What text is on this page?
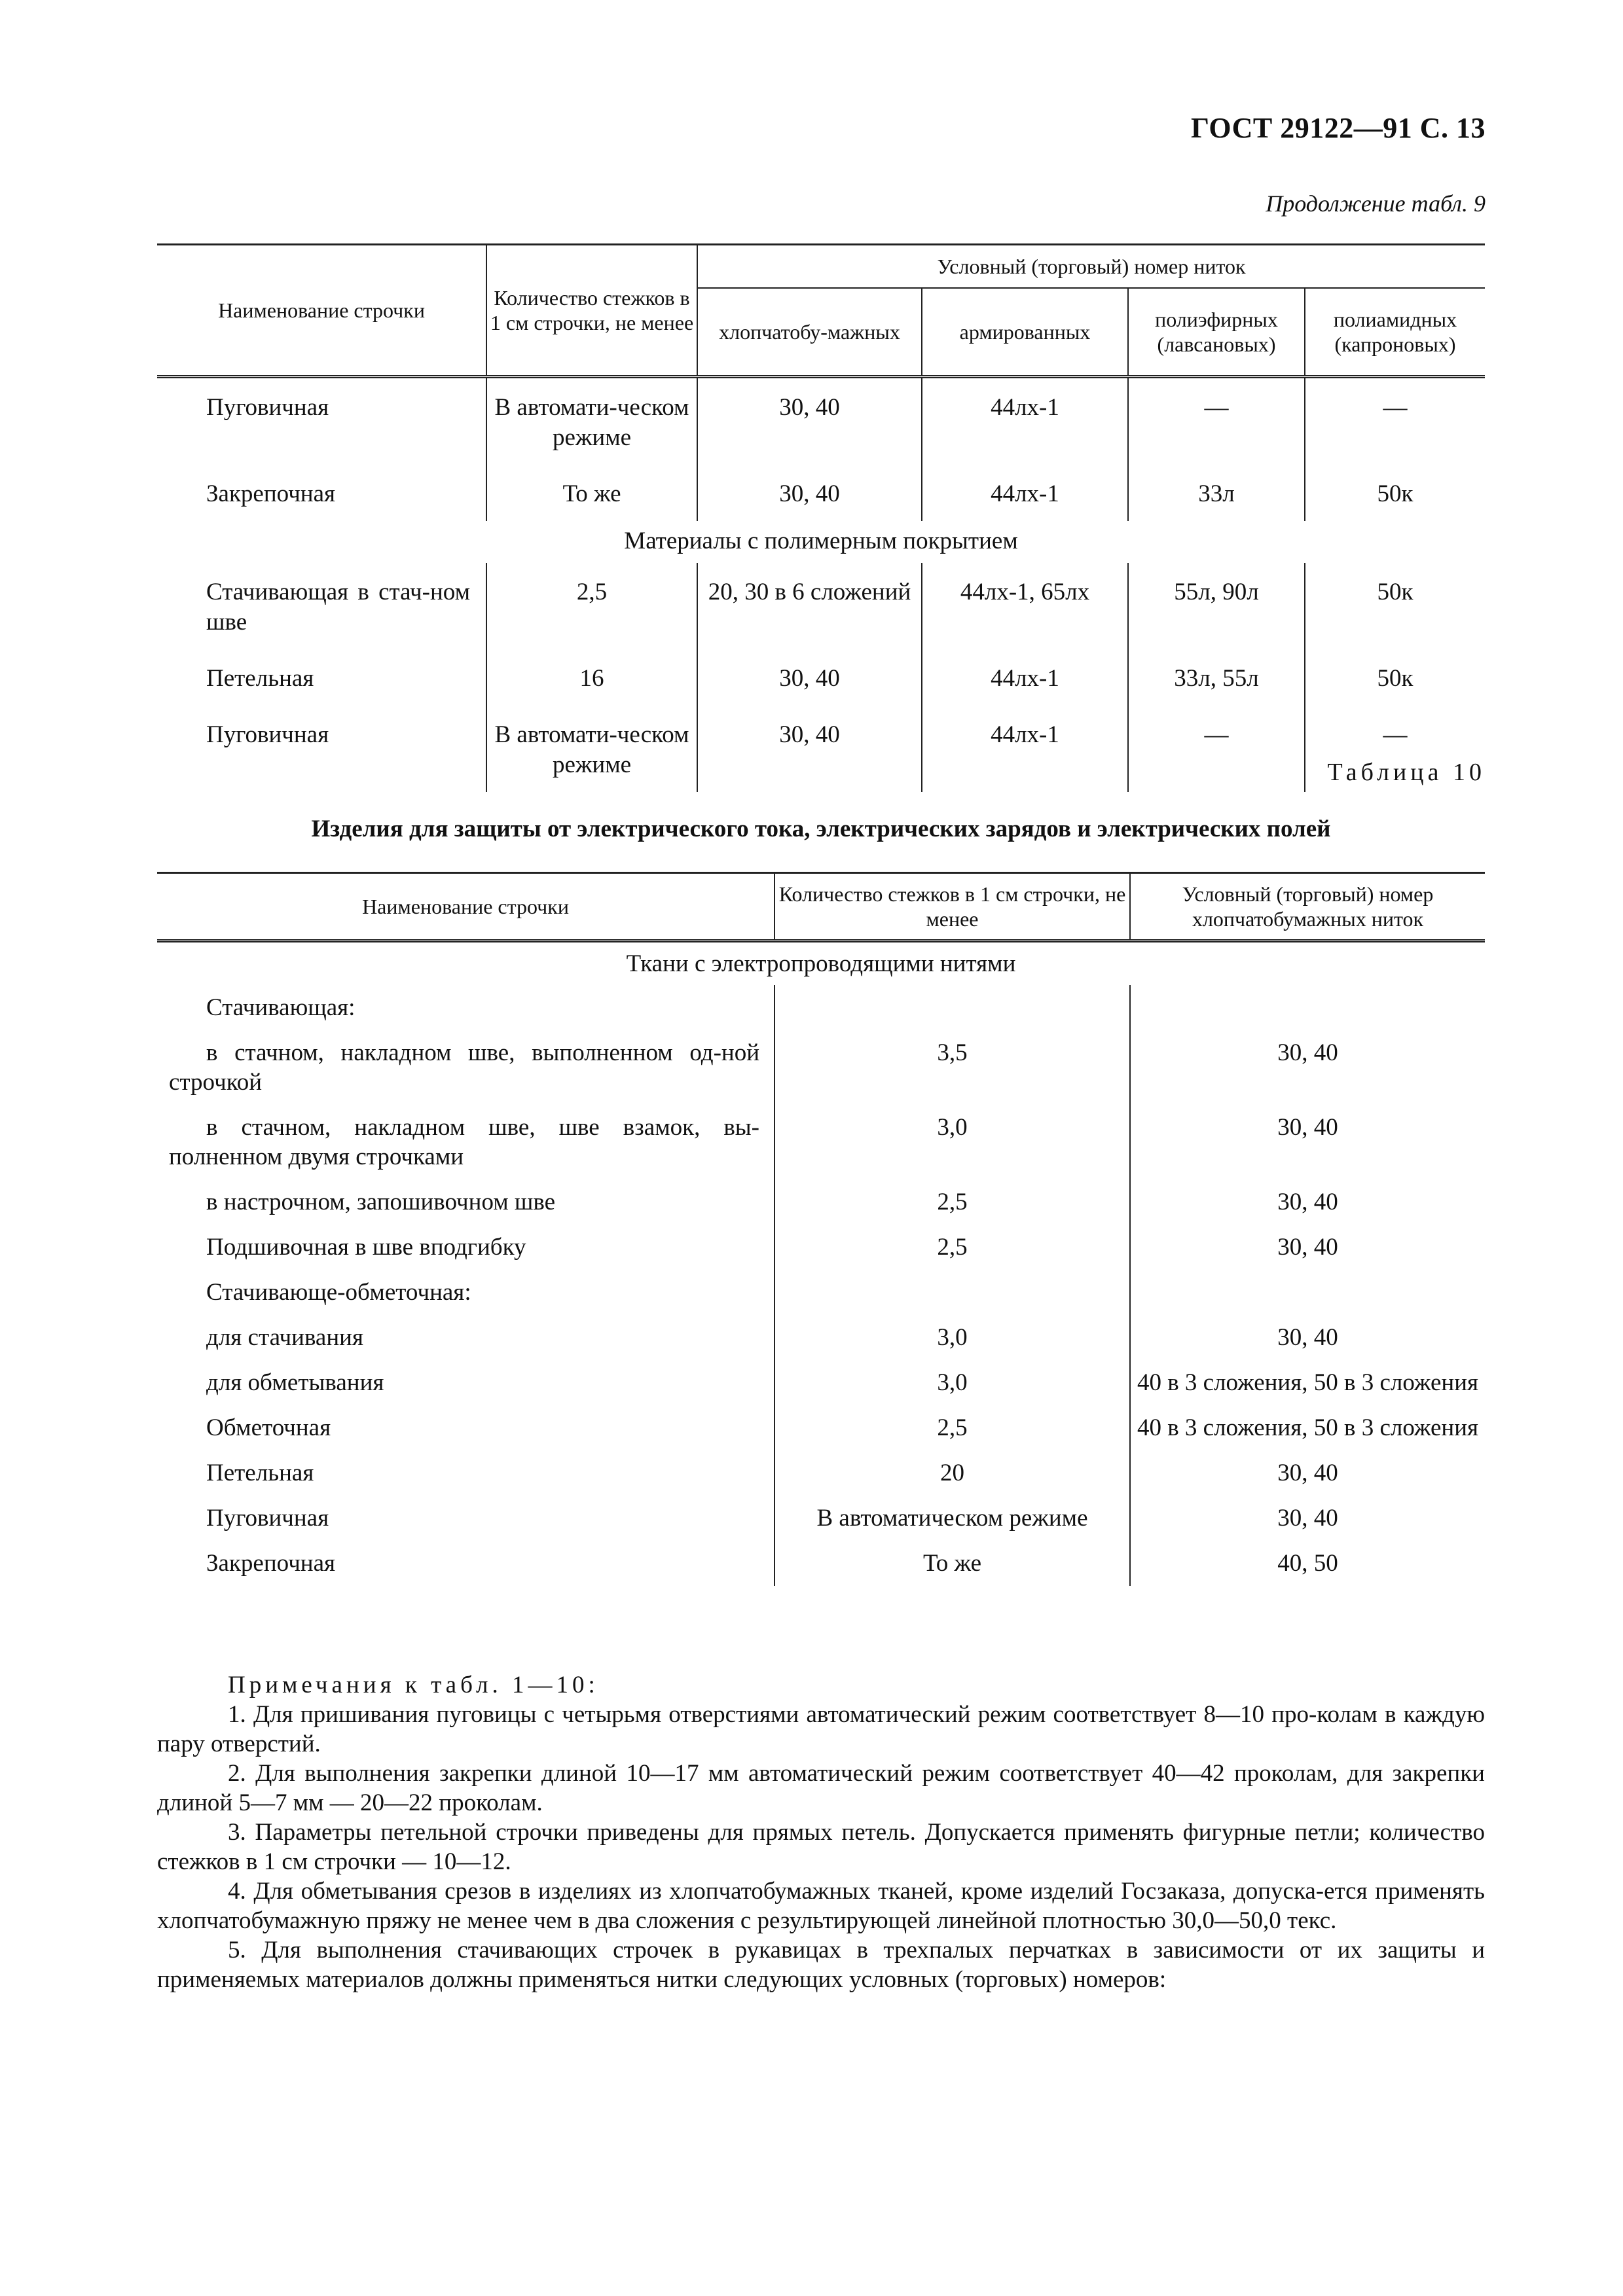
ГОСТ 29122—91 С. 13
Продолжение табл. 9
Наименование строчки	Количество стежков в 1 см строчки, не менее	Условный (торговый) номер ниток			
		хлопчатобу-мажных	армированных	полиэфирных (лавсановых)	полиамидных (капроновых)
Пуговичная	В автомати-ческом режиме	30, 40	44лх-1	—	—
Закрепочная	То же	30, 40	44лх-1	33л	50к
Материалы с полимерным покрытием					
Стачивающая в стач-ном шве	2,5	20, 30 в 6 сложений	44лх-1, 65лх	55л, 90л	50к
Петельная	16	30, 40	44лх-1	33л, 55л	50к
Пуговичная	В автомати-ческом режиме	30, 40	44лх-1	—	—
Таблица 10
Изделия для защиты от электрического тока, электрических зарядов и электрических полей
Наименование строчки	Количество стежков в 1 см строчки, не менее	Условный (торговый) номер хлопчатобумажных ниток
Ткани с электропроводящими нитями		
Стачивающая:		
в стачном, накладном шве, выполненном од-ной строчкой	3,5	30, 40
в стачном, накладном шве, шве взамок, вы-полненном двумя строчками	3,0	30, 40
в настрочном, запошивочном шве	2,5	30, 40
Подшивочная в шве вподгибку	2,5	30, 40
Стачивающе-обметочная:		
для стачивания	3,0	30, 40
для обметывания	3,0	40 в 3 сложения, 50 в 3 сложения
Обметочная	2,5	40 в 3 сложения, 50 в 3 сложения
Петельная	20	30, 40
Пуговичная	В автоматическом режиме	30, 40
Закрепочная	То же	40, 50

Примечания к табл. 1—10:

1. Для пришивания пуговицы с четырьмя отверстиями автоматический режим соответствует 8—10 про-колам в каждую пару отверстий.

2. Для выполнения закрепки длиной 10—17 мм автоматический режим соответствует 40—42 проколам, для закрепки длиной 5—7 мм — 20—22 проколам.

3. Параметры петельной строчки приведены для прямых петель. Допускается применять фигурные петли; количество стежков в 1 см строчки — 10—12.

4. Для обметывания срезов в изделиях из хлопчатобумажных тканей, кроме изделий Госзаказа, допуска-ется применять хлопчатобумажную пряжу не менее чем в два сложения с результирующей линейной плотностью 30,0—50,0 текс.

5. Для выполнения стачивающих строчек в рукавицах в трехпалых перчатках в зависимости от их защиты и применяемых материалов должны применяться нитки следующих условных (торговых) номеров:
